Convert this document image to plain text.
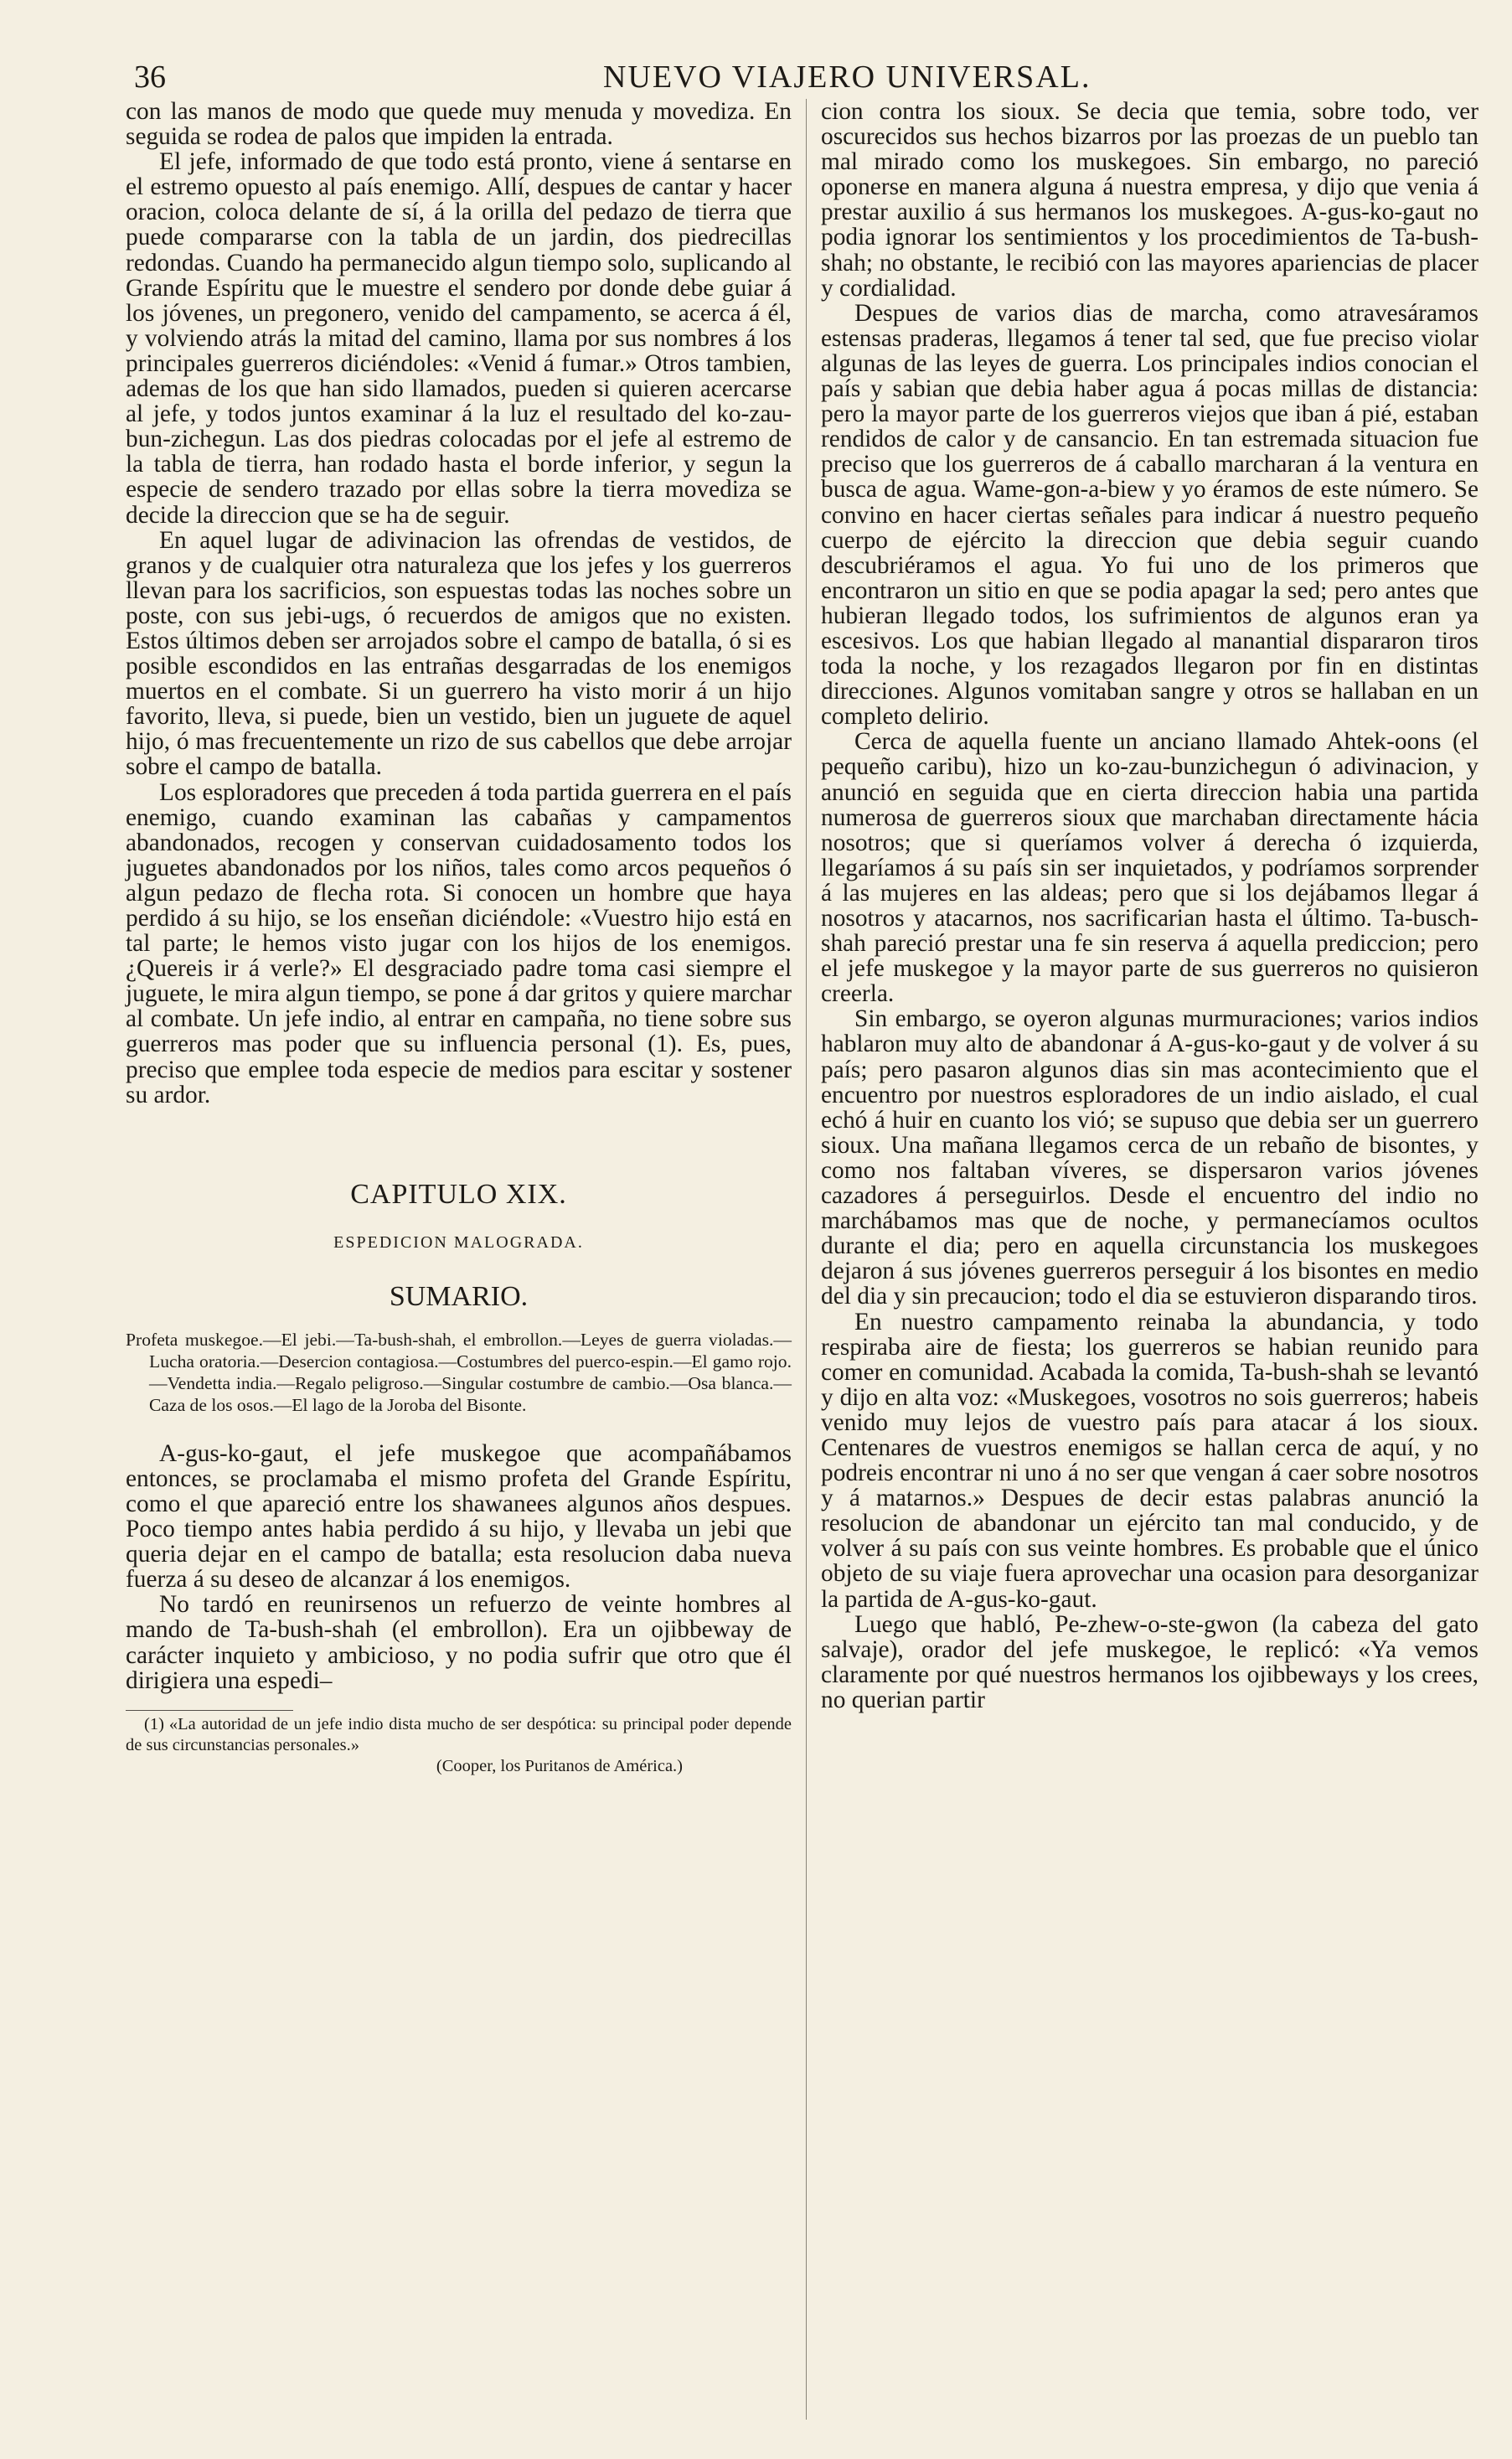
36	NUEVO VIAJERO UNIVERSAL.

con las manos de modo que quede muy menuda y movediza. En seguida se rodea de palos que impiden la entrada.

El jefe, informado de que todo está pronto, viene á sentarse en el estremo opuesto al país enemigo. Allí, despues de cantar y hacer oracion, coloca delante de sí, á la orilla del pedazo de tierra que puede compararse con la tabla de un jardin, dos piedrecillas redondas. Cuando ha permanecido algun tiempo solo, suplicando al Grande Espíritu que le muestre el sendero por donde debe guiar á los jóvenes, un pregonero, venido del campamento, se acerca á él, y volviendo atrás la mitad del camino, llama por sus nombres á los principales guerreros diciéndoles: «Venid á fumar.» Otros tambien, ademas de los que han sido llamados, pueden si quieren acercarse al jefe, y todos juntos examinar á la luz el resultado del ko-zau-bun-zichegun. Las dos piedras colocadas por el jefe al estremo de la tabla de tierra, han rodado hasta el borde inferior, y segun la especie de sendero trazado por ellas sobre la tierra movediza se decide la direccion que se ha de seguir.

En aquel lugar de adivinacion las ofrendas de vestidos, de granos y de cualquier otra naturaleza que los jefes y los guerreros llevan para los sacrificios, son espuestas todas las noches sobre un poste, con sus jebi-ugs, ó recuerdos de amigos que no existen. Estos últimos deben ser arrojados sobre el campo de batalla, ó si es posible escondidos en las entrañas desgarradas de los enemigos muertos en el combate. Si un guerrero ha visto morir á un hijo favorito, lleva, si puede, bien un vestido, bien un juguete de aquel hijo, ó mas frecuentemente un rizo de sus cabellos que debe arrojar sobre el campo de batalla.

Los esploradores que preceden á toda partida guerrera en el país enemigo, cuando examinan las cabañas y campamentos abandonados, recogen y conservan cuidadosamento todos los juguetes abandonados por los niños, tales como arcos pequeños ó algun pedazo de flecha rota. Si conocen un hombre que haya perdido á su hijo, se los enseñan diciéndole: «Vuestro hijo está en tal parte; le hemos visto jugar con los hijos de los enemigos. ¿Quereis ir á verle?» El desgraciado padre toma casi siempre el juguete, le mira algun tiempo, se pone á dar gritos y quiere marchar al combate. Un jefe indio, al entrar en campaña, no tiene sobre sus guerreros mas poder que su influencia personal (1). Es, pues, preciso que emplee toda especie de medios para escitar y sostener su ardor.

CAPITULO XIX.
ESPEDICION MALOGRADA.
SUMARIO.

Profeta muskegoe.—El jebi.—Ta-bush-shah, el embrollon.—Leyes de guerra violadas.—Lucha oratoria.—Desercion contagiosa.—Costumbres del puerco-espin.—El gamo rojo.—Vendetta india.—Regalo peligroso.—Singular costumbre de cambio.—Osa blanca.—Caza de los osos.—El lago de la Joroba del Bisonte.

A-gus-ko-gaut, el jefe muskegoe que acompañábamos entonces, se proclamaba el mismo profeta del Grande Espíritu, como el que apareció entre los shawanees algunos años despues. Poco tiempo antes habia perdido á su hijo, y llevaba un jebi que queria dejar en el campo de batalla; esta resolucion daba nueva fuerza á su deseo de alcanzar á los enemigos.

No tardó en reunirsenos un refuerzo de veinte hombres al mando de Ta-bush-shah (el embrollon). Era un ojibbeway de carácter inquieto y ambicioso, y no podia sufrir que otro que él dirigiera una espedi–

(1) «La autoridad de un jefe indio dista mucho de ser despótica: su principal poder depende de sus circunstancias personales.»

(Cooper, los Puritanos de América.)

cion contra los sioux. Se decia que temia, sobre todo, ver oscurecidos sus hechos bizarros por las proezas de un pueblo tan mal mirado como los muskegoes. Sin embargo, no pareció oponerse en manera alguna á nuestra empresa, y dijo que venia á prestar auxilio á sus hermanos los muskegoes. A-gus-ko-gaut no podia ignorar los sentimientos y los procedimientos de Ta-bush-shah; no obstante, le recibió con las mayores apariencias de placer y cordialidad.

Despues de varios dias de marcha, como atravesáramos estensas praderas, llegamos á tener tal sed, que fue preciso violar algunas de las leyes de guerra. Los principales indios conocian el país y sabian que debia haber agua á pocas millas de distancia: pero la mayor parte de los guerreros viejos que iban á pié, estaban rendidos de calor y de cansancio. En tan estremada situacion fue preciso que los guerreros de á caballo marcharan á la ventura en busca de agua. Wame-gon-a-biew y yo éramos de este número. Se convino en hacer ciertas señales para indicar á nuestro pequeño cuerpo de ejército la direccion que debia seguir cuando descubriéramos el agua. Yo fui uno de los primeros que encontraron un sitio en que se podia apagar la sed; pero antes que hubieran llegado todos, los sufrimientos de algunos eran ya escesivos. Los que habian llegado al manantial dispararon tiros toda la noche, y los rezagados llegaron por fin en distintas direcciones. Algunos vomitaban sangre y otros se hallaban en un completo delirio.

Cerca de aquella fuente un anciano llamado Ahtek-oons (el pequeño caribu), hizo un ko-zau-bunzichegun ó adivinacion, y anunció en seguida que en cierta direccion habia una partida numerosa de guerreros sioux que marchaban directamente hácia nosotros; que si queríamos volver á derecha ó izquierda, llegaríamos á su país sin ser inquietados, y podríamos sorprender á las mujeres en las aldeas; pero que si los dejábamos llegar á nosotros y atacarnos, nos sacrificarian hasta el último. Ta-busch-shah pareció prestar una fe sin reserva á aquella prediccion; pero el jefe muskegoe y la mayor parte de sus guerreros no quisieron creerla.

Sin embargo, se oyeron algunas murmuraciones; varios indios hablaron muy alto de abandonar á A-gus-ko-gaut y de volver á su país; pero pasaron algunos dias sin mas acontecimiento que el encuentro por nuestros esploradores de un indio aislado, el cual echó á huir en cuanto los vió; se supuso que debia ser un guerrero sioux. Una mañana llegamos cerca de un rebaño de bisontes, y como nos faltaban víveres, se dispersaron varios jóvenes cazadores á perseguirlos. Desde el encuentro del indio no marchábamos mas que de noche, y permanecíamos ocultos durante el dia; pero en aquella circunstancia los muskegoes dejaron á sus jóvenes guerreros perseguir á los bisontes en medio del dia y sin precaucion; todo el dia se estuvieron disparando tiros.

En nuestro campamento reinaba la abundancia, y todo respiraba aire de fiesta; los guerreros se habian reunido para comer en comunidad. Acabada la comida, Ta-bush-shah se levantó y dijo en alta voz: «Muskegoes, vosotros no sois guerreros; habeis venido muy lejos de vuestro país para atacar á los sioux. Centenares de vuestros enemigos se hallan cerca de aquí, y no podreis encontrar ni uno á no ser que vengan á caer sobre nosotros y á matarnos.» Despues de decir estas palabras anunció la resolucion de abandonar un ejército tan mal conducido, y de volver á su país con sus veinte hombres. Es probable que el único objeto de su viaje fuera aprovechar una ocasion para desorganizar la partida de A-gus-ko-gaut.

Luego que habló, Pe-zhew-o-ste-gwon (la cabeza del gato salvaje), orador del jefe muskegoe, le replicó: «Ya vemos claramente por qué nuestros hermanos los ojibbeways y los crees, no querian partir
